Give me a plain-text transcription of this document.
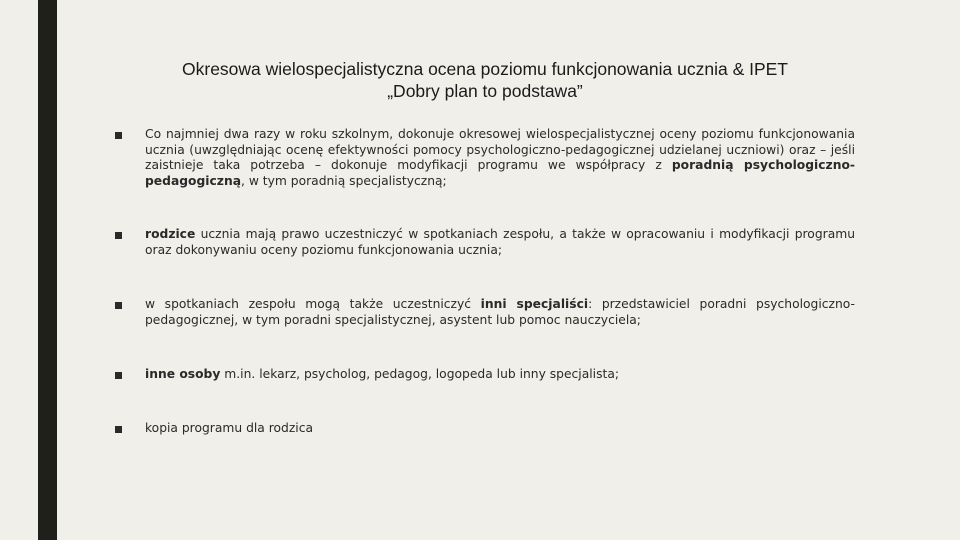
Okresowa wielospecjalistyczna ocena poziomu funkcjonowania ucznia & IPET
„Dobry plan to podstawa”
Co najmniej dwa razy w roku szkolnym, dokonuje okresowej wielospecjalistycznej oceny poziomu funkcjonowania ucznia (uwzględniając ocenę efektywności pomocy psychologiczno-pedagogicznej udzielanej uczniowi) oraz – jeśli zaistnieje taka potrzeba – dokonuje modyfikacji programu we współpracy z poradnią psychologiczno-pedagogiczną, w tym poradnią specjalistyczną;
rodzice ucznia mają prawo uczestniczyć w spotkaniach zespołu, a także w opracowaniu i modyfikacji programu oraz dokonywaniu oceny poziomu funkcjonowania ucznia;
w spotkaniach zespołu mogą także uczestniczyć inni specjaliści: przedstawiciel poradni psychologiczno-pedagogicznej, w tym poradni specjalistycznej, asystent lub pomoc nauczyciela;
inne osoby m.in. lekarz, psycholog, pedagog, logopeda lub inny specjalista;
kopia programu dla rodzica
